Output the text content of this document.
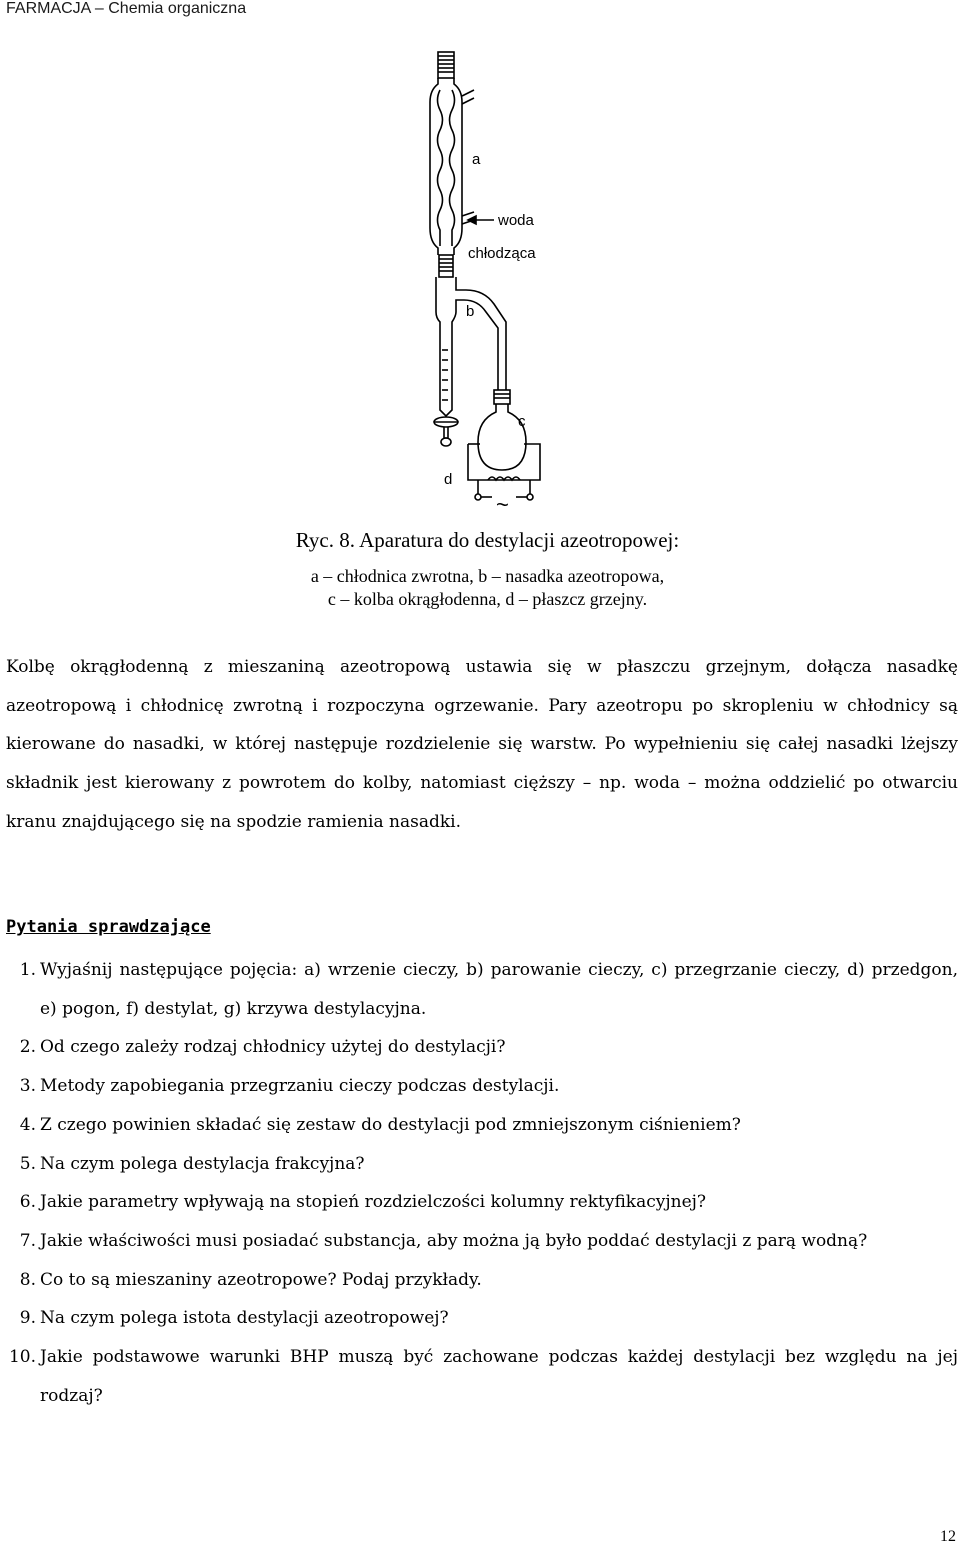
FARMACJA – Chemia organiczna
a
woda
chłodząca
b
c
d
~
Ryc. 8. Aparatura do destylacji azeotropowej:
a – chłodnica zwrotna, b – nasadka azeotropowa,
c – kolba okrągłodenna, d – płaszcz grzejny.

Kolbę okrągłodenną z mieszaniną azeotropową ustawia się w płaszczu grzejnym, dołącza nasadkę azeotropową i chłodnicę zwrotną i rozpoczyna ogrzewanie. Pary azeotropu po skropleniu w chłodnicy są kierowane do nasadki, w której następuje rozdzielenie się warstw. Po wypełnieniu się całej nasadki lżejszy składnik jest kierowany z powrotem do kolby, natomiast cięższy – np. woda – można oddzielić po otwarciu kranu znajdującego się na spodzie ramienia nasadki.

Pytania sprawdzające
1. Wyjaśnij następujące pojęcia: a) wrzenie cieczy, b) parowanie cieczy, c) przegrzanie cieczy, d) przedgon, e) pogon, f) destylat, g) krzywa destylacyjna.
2. Od czego zależy rodzaj chłodnicy użytej do destylacji?
3. Metody zapobiegania przegrzaniu cieczy podczas destylacji.
4. Z czego powinien składać się zestaw do destylacji pod zmniejszonym ciśnieniem?
5. Na czym polega destylacja frakcyjna?
6. Jakie parametry wpływają na stopień rozdzielczości kolumny rektyfikacyjnej?
7. Jakie właściwości musi posiadać substancja, aby można ją było poddać destylacji z parą wodną?
8. Co to są mieszaniny azeotropowe? Podaj przykłady.
9. Na czym polega istota destylacji azeotropowej?
10. Jakie podstawowe warunki BHP muszą być zachowane podczas każdej destylacji bez względu na jej rodzaj?
12
